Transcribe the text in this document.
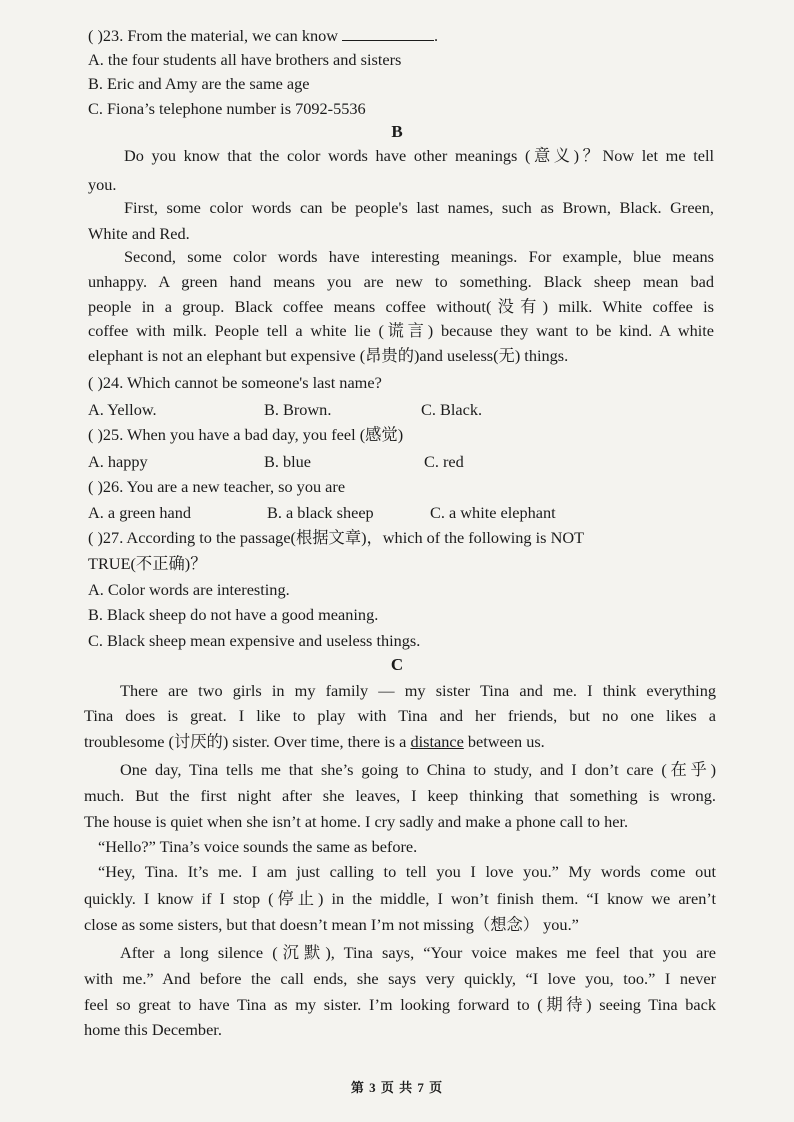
( )23. From the material, we can know	.
A. the four students all have brothers and sisters
B. Eric and Amy are the same age
C. Fiona’s telephone number is 7092-5536
B
Do you know that the color words have other meanings (意义)？Now let me tell
you.
First, some color words can be people's last names, such as Brown, Black. Green,
White and Red.
Second, some color words have interesting meanings. For example, blue means
unhappy. A green hand means you are new to something. Black sheep mean bad
people in a group. Black coffee means coffee without(没有) milk. White coffee is
coffee with milk. People tell a white lie (谎言) because they want to be kind. A white
elephant is not an elephant but expensive (昂贵的)and useless(无) things.
( )24. Which cannot be someone's last name?
A. Yellow.	B. Brown.	C. Black.
( )25. When you have a bad day, you feel (感觉)
A. happy	B. blue	C. red
( )26. You are a new teacher, so you are
A. a green hand	B. a black sheep	C. a white elephant
( )27. According to the passage(根据文章)，which of the following is NOT
TRUE(不正确)？
A. Color words are interesting.
B. Black sheep do not have a good meaning.
C. Black sheep mean expensive and useless things.
C
There are two girls in my family — my sister Tina and me. I think everything
Tina does is great. I like to play with Tina and her friends, but no one likes a
troublesome (讨厌的) sister. Over time, there is a distance between us.
One day, Tina tells me that she’s going to China to study, and I don’t care (在乎)
much. But the first night after she leaves, I keep thinking that something is wrong.
The house is quiet when she isn’t at home. I cry sadly and make a phone call to her.
“Hello?” Tina’s voice sounds the same as before.
“Hey, Tina. It’s me. I am just calling to tell you I love you.” My words come out
quickly. I know if I stop (停止) in the middle, I won’t finish them. “I know we aren’t
close as some sisters, but that doesn’t mean I’m not missing（想念） you.”
After a long silence (沉默), Tina says, “Your voice makes me feel that you are
with me.” And before the call ends, she says very quickly, “I love you, too.” I never
feel so great to have Tina as my sister. I’m looking forward to (期待) seeing Tina back
home this December.
第 3 页 共 7 页
